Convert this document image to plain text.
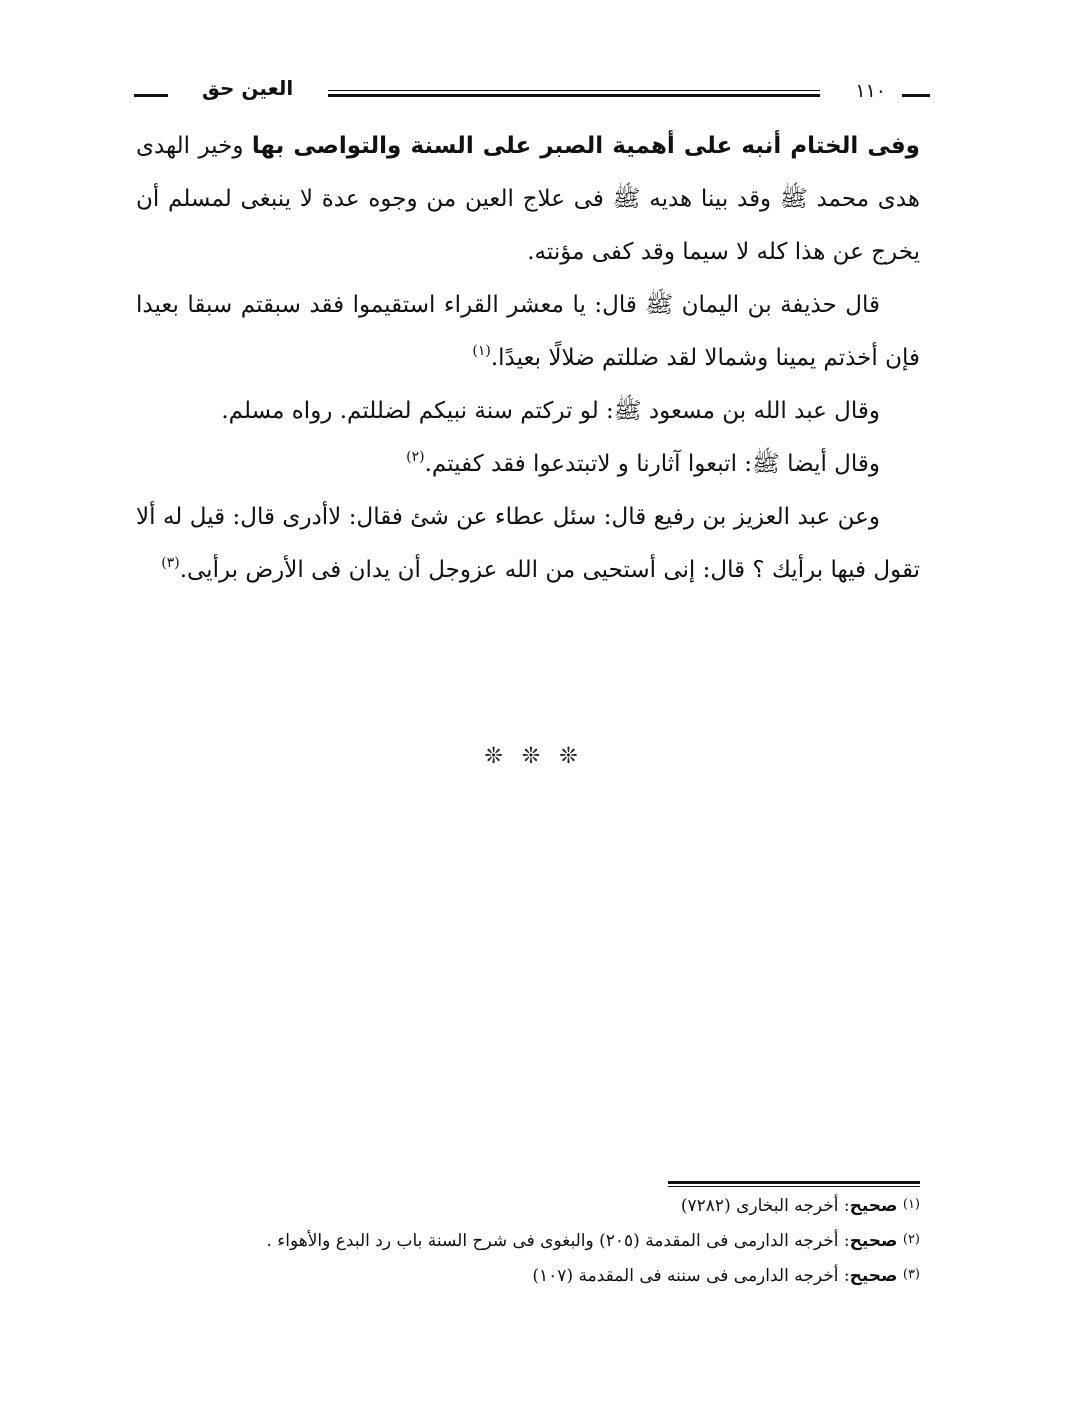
١١٠
العين حق

وفى الختام أنبه على أهمية الصبر على السنة والتواصى بها وخير الهدى هدى محمد ﷺ وقد بينا هديه ﷺ فى علاج العين من وجوه عدة لا ينبغى لمسلم أن يخرج عن هذا كله لا سيما وقد كفى مؤنته.

قال حذيفة بن اليمان ﷺ قال: يا معشر القراء استقيموا فقد سبقتم سبقا بعيدا فإن أخذتم يمينا وشمالا لقد ضللتم ضلالًا بعيدًا.$^{(١)}$

وقال عبد الله بن مسعود ﷺ: لو تركتم سنة نبيكم لضللتم. رواه مسلم.

وقال أيضا ﷺ: اتبعوا آثارنا و لاتبتدعوا فقد كفيتم.$^{(٢)}$

وعن عبد العزيز بن رفيع قال: سئل عطاء عن شئ فقال: لاأدرى قال: قيل له ألا تقول فيها برأيك ؟ قال: إنى أستحيى من الله عزوجل أن يدان فى الأرض برأيى.$^{(٣)}$

❊ ❊ ❊

(١) صحيح: أخرجه البخارى (٧٢٨٢)

(٢) صحيح: أخرجه الدارمى فى المقدمة (٢٠٥) والبغوى فى شرح السنة باب رد البدع والأهواء .

(٣) صحيح: أخرجه الدارمى فى سننه فى المقدمة (١٠٧)
